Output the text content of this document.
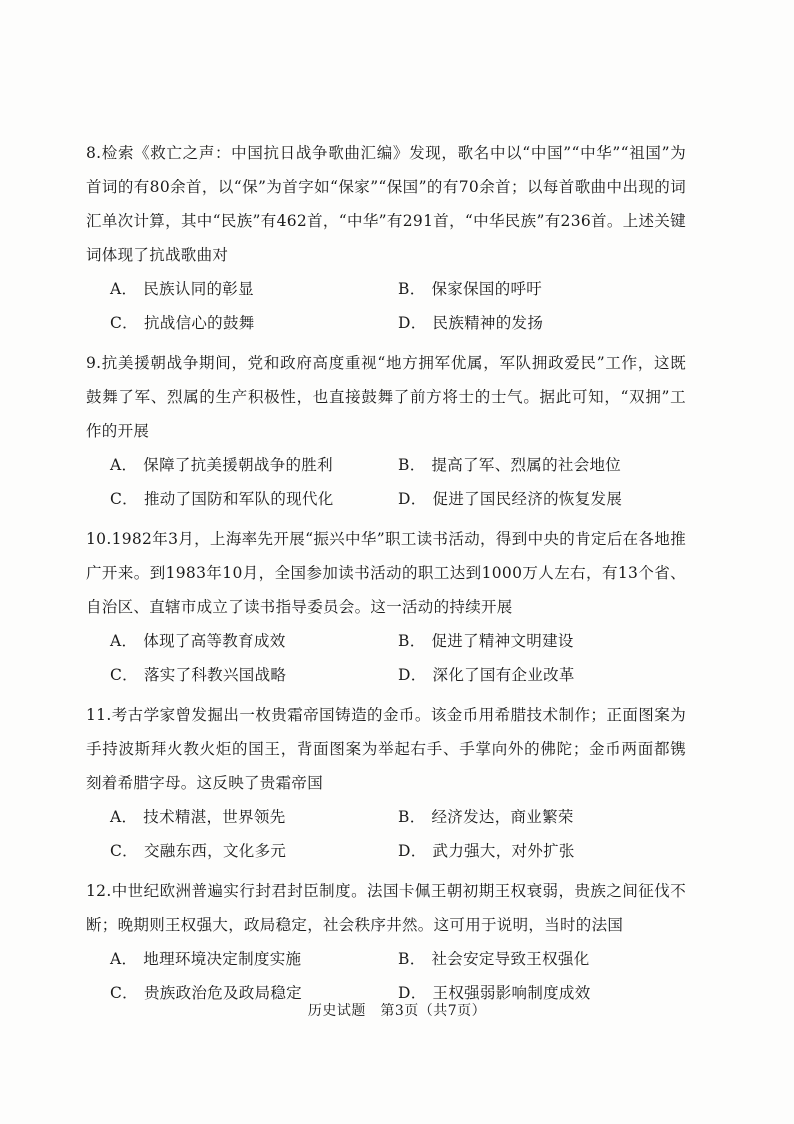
8.检索《救亡之声：中国抗日战争歌曲汇编》发现，歌名中以“中国”“中华”“祖国”为首词的有80余首，以“保”为首字如“保家”“保国”的有70余首；以每首歌曲中出现的词汇单次计算，其中“民族”有462首，“中华”有291首，“中华民族”有236首。上述关键词体现了抗战歌曲对
A． 民族认同的彰显	B． 保家保国的呼吁
C． 抗战信心的鼓舞	D． 民族精神的发扬
9.抗美援朝战争期间，党和政府高度重视“地方拥军优属，军队拥政爱民”工作，这既鼓舞了军、烈属的生产积极性，也直接鼓舞了前方将士的士气。据此可知，“双拥”工作的开展
A． 保障了抗美援朝战争的胜利	B． 提高了军、烈属的社会地位
C． 推动了国防和军队的现代化	D． 促进了国民经济的恢复发展
10.1982年3月，上海率先开展“振兴中华”职工读书活动，得到中央的肯定后在各地推广开来。到1983年10月，全国参加读书活动的职工达到1000万人左右，有13个省、自治区、直辖市成立了读书指导委员会。这一活动的持续开展
A． 体现了高等教育成效	B． 促进了精神文明建设
C． 落实了科教兴国战略	D． 深化了国有企业改革
11.考古学家曾发掘出一枚贵霜帝国铸造的金币。该金币用希腊技术制作；正面图案为手持波斯拜火教火炬的国王，背面图案为举起右手、手掌向外的佛陀；金币两面都镌刻着希腊字母。这反映了贵霜帝国
A． 技术精湛，世界领先	B． 经济发达，商业繁荣
C． 交融东西，文化多元	D． 武力强大，对外扩张
12.中世纪欧洲普遍实行封君封臣制度。法国卡佩王朝初期王权衰弱，贵族之间征伐不断；晚期则王权强大，政局稳定，社会秩序井然。这可用于说明，当时的法国
A． 地理环境决定制度实施	B． 社会安定导致王权强化
C． 贵族政治危及政局稳定	D． 王权强弱影响制度成效
历史试题　第3页（共7页）
